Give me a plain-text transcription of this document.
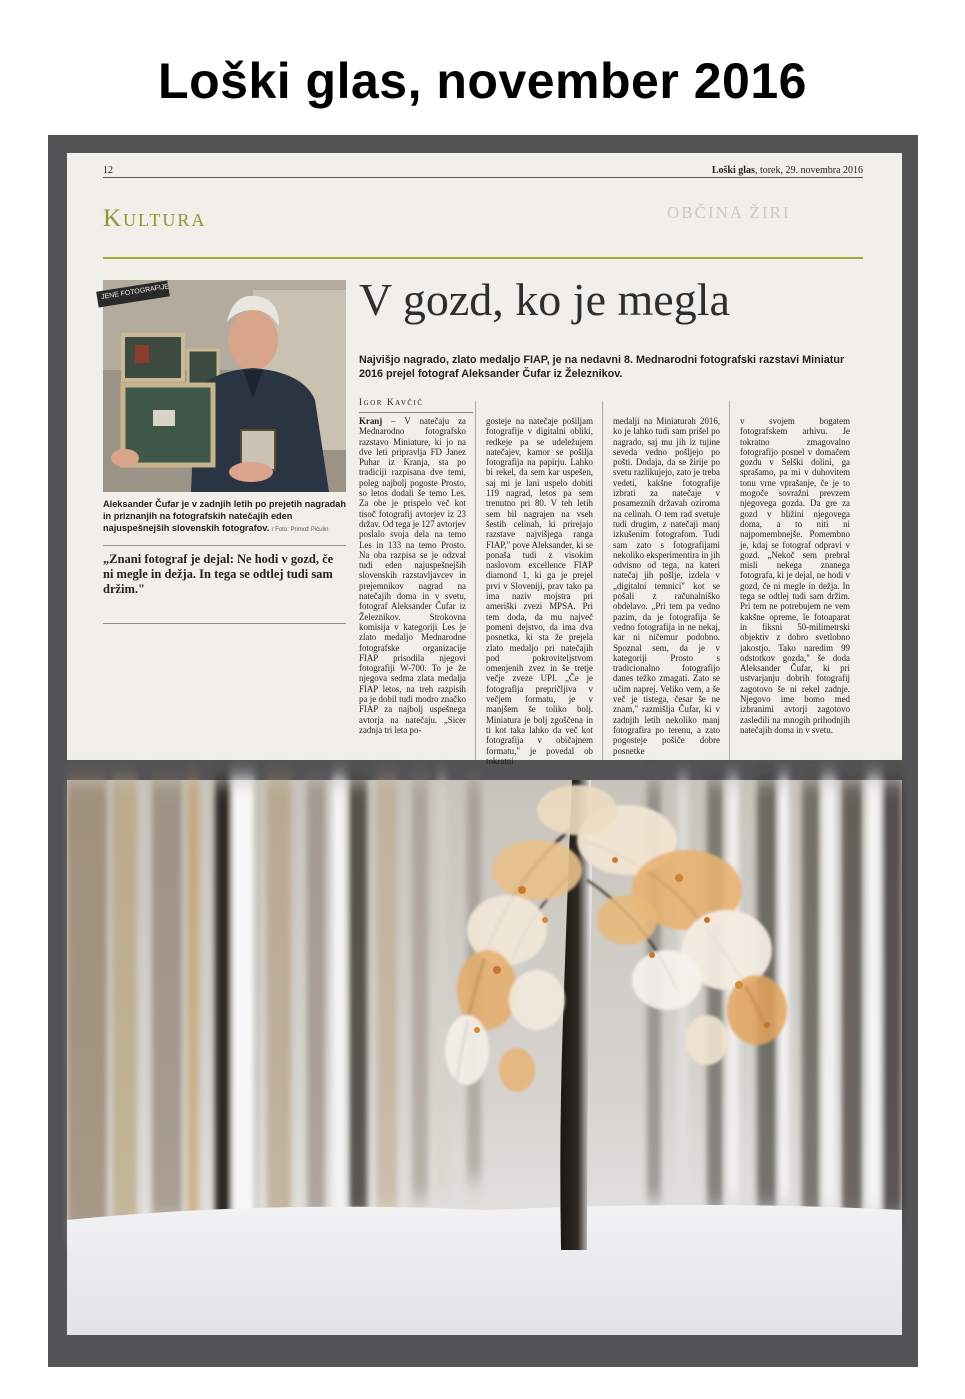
Loški glas, november 2016
12	Loški glas, torek, 29. novembra 2016
OBČINA ŽIRI
Kultura
JENE FOTOGRAFIJE
Aleksander Čufar je v zadnjih letih po prejetih nagradah in priznanjih na fotografskih natečajih eden najuspešnejših slovenskih fotografov. / Foto: Primož Pičulin
„Znani fotograf je dejal: Ne hodi v gozd, če ni megle in dežja. In tega se odtlej tudi sam držim."
V gozd, ko je megla
Najvišjo nagrado, zlato medaljo FIAP, je na nedavni 8. Mednarodni fotografski razstavi Miniatur 2016 prejel fotograf Aleksander Čufar iz Železnikov.
Igor Kavčič

Kranj – V natečaju za Mednarodno fotografsko razstavo Miniature, ki jo na dve leti pripravlja FD Janez Puhar iz Kranja, sta po tradiciji razpisana dve temi, poleg najbolj pogoste Prosto, so letos dodali še temo Les. Za obe je prispelo več kot tisoč fotografij avtorjev iz 23 držav. Od tega je 127 avtorjev poslalo svoja dela na temo Les in 133 na temo Prosto. Na oba razpisa se je odzval tudi eden najuspešnejših slovenskih razstavljavcev in prejemnikov nagrad na natečajih doma in v svetu, fotograf Aleksander Čufar iz Železnikov. Strokovna komisija v kategoriji Les je zlato medaljo Mednarodne fotografske organizacije FIAP prisodila njegovi fotografiji W-700. To je že njegova sedma zlata medalja FIAP letos, na treh razpisih pa je dobil tudi modro značko FIAP za najbolj uspešnega avtorja na natečaju. „Sicer zadnja tri leta po-

gosteje na natečaje pošiljam fotografije v digitalni obliki, redkeje pa se udeležujem natečajev, kamor se pošilja fotografija na papirju. Lahko bi rekel, da sem kar uspešen, saj mi je lani uspelo dobiti 119 nagrad, letos pa sem trenutno pri 80. V teh letih sem bil nagrajen na vseh šestih celinah, ki prirejajo razstave najvišjega ranga FIAP," pove Aleksander, ki se ponaša tudi z visokim naslovom excellence FIAP diamond 1, ki ga je prejel prvi v Sloveniji, prav tako pa ima naziv mojstra pri ameriški zvezi MPSA. Pri tem doda, da mu največ pomeni dejstvo, da ima dva posnetka, ki sta že prejela zlato medaljo pri natečajih pod pokroviteljstvom omenjenih zvez in še tretje večje zveze UPI. „Če je fotografija prepričljiva v večjem formatu, je v manjšem še toliko bolj. Miniatura je bolj zgoščena in ti kot taka lahko da več kot fotografija v običajnem formatu," je povedal ob tokratni

medalji na Miniaturah 2016, ko je lahko tudi sam prišel po nagrado, saj mu jih iz tujine seveda vedno pošljejo po pošti. Dodaja, da se žirije po svetu razlikujejo, zato je treba vedeti, kakšne fotografije izbrati za natečaje v posameznih državah oziroma na celinah. O tem rad svetuje tudi drugim, z natečaji manj izkušenim fotografom. Tudi sam zato s fotografijami nekoliko eksperimentira in jih odvisno od tega, na kateri natečaj jih pošlje, izdela v „digitalni temnici" kot se pošali z računalniško obdelavo. „Pri tem pa vedno pazim, da je fotografija še vedno fotografija in ne nekaj, kar ni ničemur podobno. Spoznal sem, da je v kategoriji Prosto s tradicionalno fotografijo danes težko zmagati. Zato se učim naprej. Veliko vem, a še več je tistega, česar še ne znam," razmišlja Čufar, ki v zadnjih letih nekoliko manj fotografira po terenu, a zato pogosteje pošiče dobre posnetke

v svojem bogatem fotografskem arhivu. Je tokratno zmagovalno fotografijo posnel v domačem gozdu v Selški dolini, ga sprašamo, pa mi v duhovitem tonu vrne vprašanje, če je to mogoče sovražni prevzem njegovega gozda. Da gre za gozd v bližini njegovega doma, a to niti ni najpomembnejše. Pomembno je, kdaj se fotograf odpravi v gozd. „Nekoč sem prebral misli nekega znanega fotografa, ki je dejal, ne hodi v gozd, če ni megle in dežja. In tega se odtlej tudi sam držim. Pri tem ne potrebujem ne vem kakšne opreme, le fotoaparat in fiksni 50-milimetrski objektiv z dobro svetlobno jakostjo. Tako naredim 99 odstotkov gozda," še doda Aleksander Čufar, ki pri ustvarjanju dobrih fotografij zagotovo še ni rekel zadnje. Njegovo ime bomo med izbranimi avtorji zagotovo zasledili na mnogih prihodnjih natečajih doma in v svetu.
